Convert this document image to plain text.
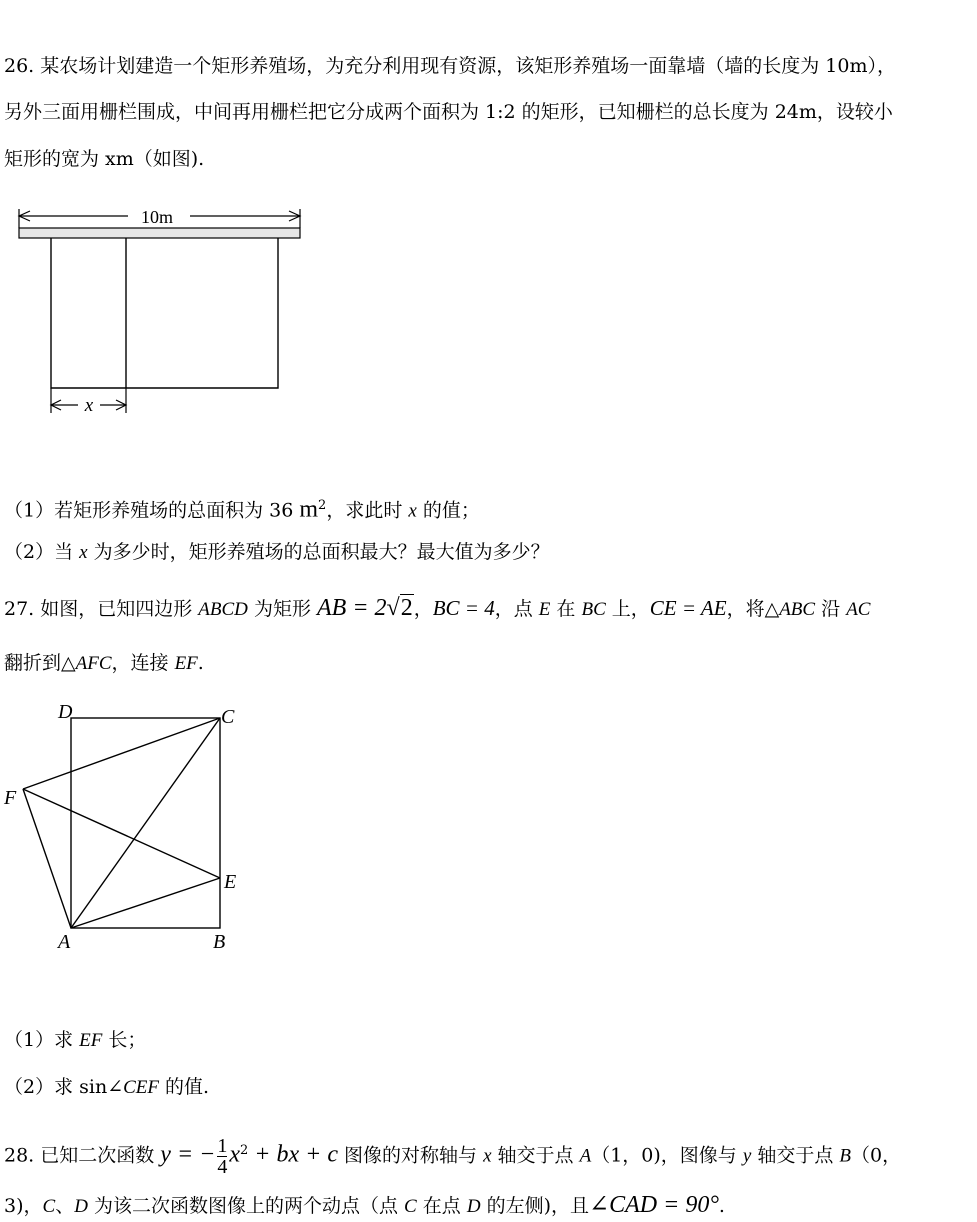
26. 某农场计划建造一个矩形养殖场，为充分利用现有资源，该矩形养殖场一面靠墙（墙的长度为 10m），
另外三面用栅栏围成，中间再用栅栏把它分成两个面积为 1:2 的矩形，已知栅栏的总长度为 24m，设较小
矩形的宽为 xm（如图).
10m
x
（1）若矩形养殖场的总面积为 36 $m^2$，求此时 x 的值；
（2）当 x 为多少时，矩形养殖场的总面积最大？最大值为多少？
27. 如图，已知四边形 ABCD 为矩形 AB = 2√2，BC = 4，点 E 在 BC 上，CE = AE，将△ABC 沿 AC
翻折到△AFC，连接 EF.
D	C
F
E
A	B
（1）求 EF 长；
（2）求 sin∠CEF 的值.
28. 已知二次函数 y = − $\frac{1}{4} x^2$ + bx + c 图像的对称轴与 x 轴交于点 A（1，0)，图像与 y 轴交于点 B（0，
3)，C、D 为该二次函数图像上的两个动点（点 C 在点 D 的左侧)，且∠CAD = 90°.
